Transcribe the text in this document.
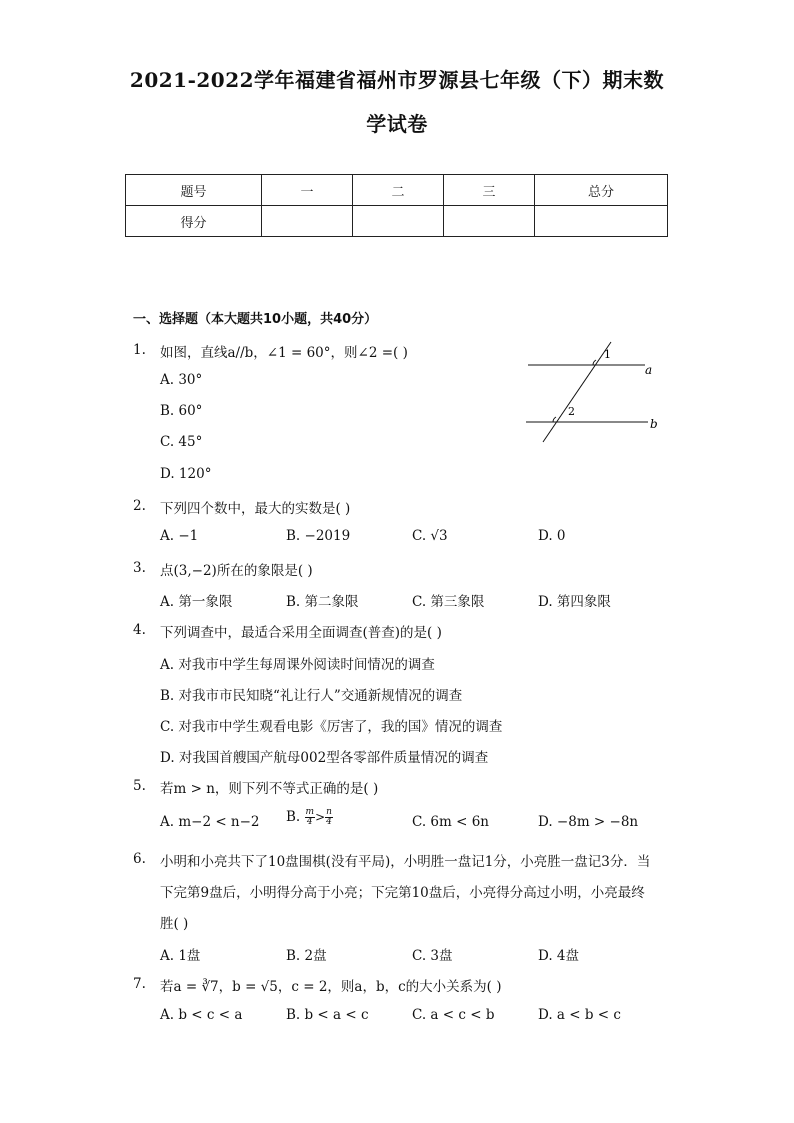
2021-2022学年福建省福州市罗源县七年级（下）期末数
学试卷
题号	一	二	三	总分
得分				
一、选择题（本大题共10小题，共40分）
1. 如图，直线a//b，∠1 = 60°，则∠2 =( )
A. 30°
B. 60°
C. 45°
D. 120°
1
2
a
b
2. 下列四个数中，最大的实数是( )
A. −1	B. −2019	C. √3	D. 0
3. 点(3,−2)所在的象限是( )
A. 第一象限	B. 第二象限	C. 第三象限	D. 第四象限
4. 下列调查中，最适合采用全面调查(普查)的是( )
A. 对我市中学生每周课外阅读时间情况的调查
B. 对我市市民知晓“礼让行人”交通新规情况的调查
C. 对我市中学生观看电影《厉害了，我的国》情况的调查
D. 对我国首艘国产航母002型各零部件质量情况的调查
5. 若m > n，则下列不等式正确的是( )
A. m−2 < n−2 B. $\frac{m}{4} > \frac{n}{4}$	C. 6m < 6n	D. −8m > −8n
6. 小明和小亮共下了10盘围棋(没有平局)，小明胜一盘记1分，小亮胜一盘记3分．当
下完第9盘后，小明得分高于小亮；下完第10盘后，小亮得分高过小明，小亮最终
胜( )
A. 1盘	B. 2盘	C. 3盘	D. 4盘
7. 若a = ∛7，b = √5，c = 2，则a，b，c的大小关系为( )
A. b < c < a	B. b < a < c	C. a < c < b	D. a < b < c
